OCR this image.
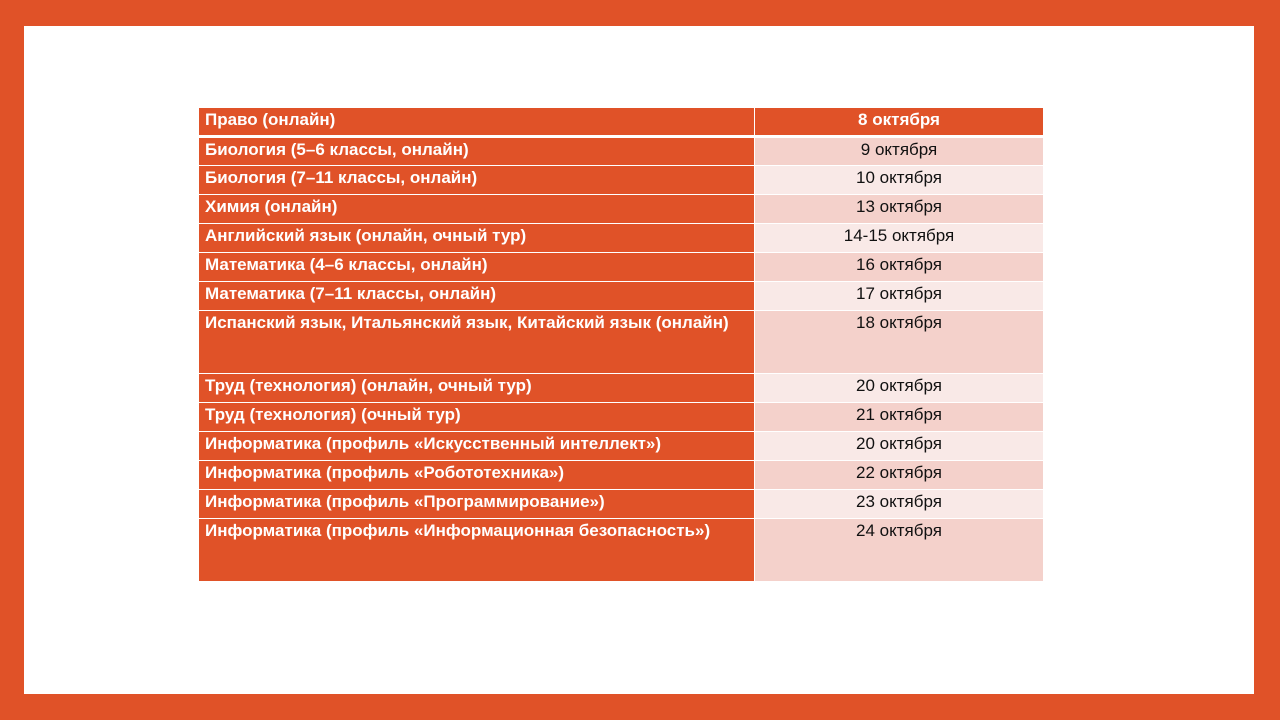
Право (онлайн)	8 октября
Биология (5–6 классы, онлайн)	9 октября
Биология (7–11 классы, онлайн)	10 октября
Химия (онлайн)	13 октября
Английский язык (онлайн, очный тур)	14-15 октября
Математика (4–6 классы, онлайн)	16 октября
Математика (7–11 классы, онлайн)	17 октября
Испанский язык, Итальянский язык, Китайский язык (онлайн)	18 октября
Труд (технология) (онлайн, очный тур)	20 октября
Труд (технология) (очный тур)	21 октября
Информатика (профиль «Искусственный интеллект»)	20 октября
Информатика (профиль «Робототехника»)	22 октября
Информатика (профиль «Программирование»)	23 октября
Информатика (профиль «Информационная безопасность»)	24 октября
